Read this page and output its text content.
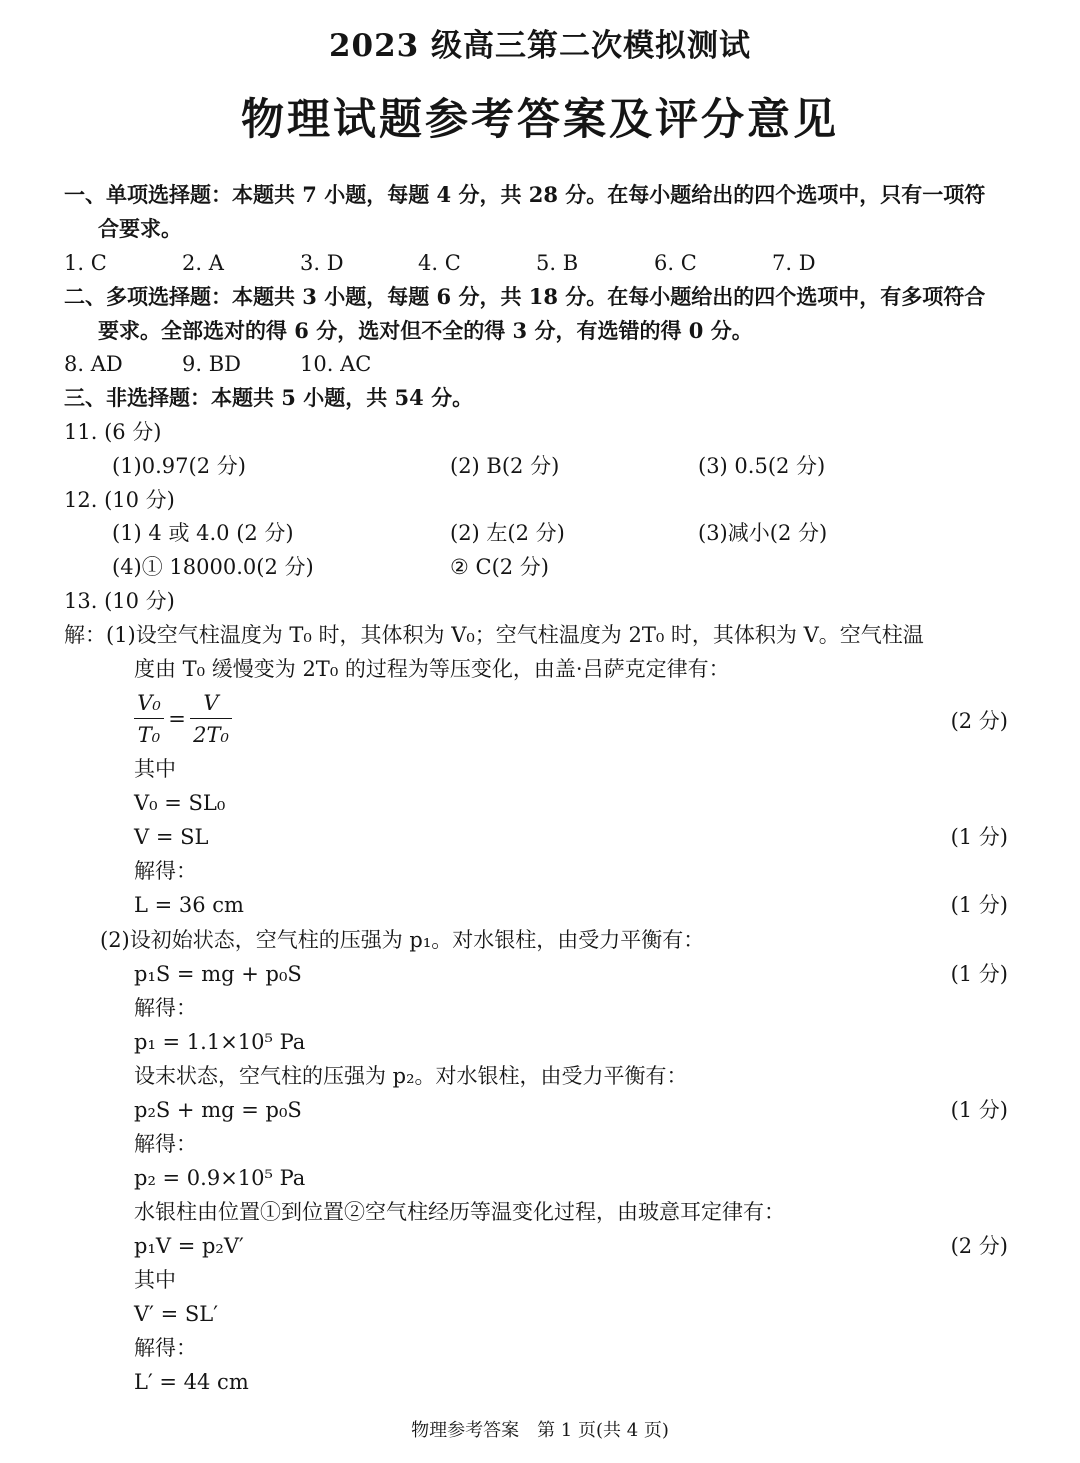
2023 级高三第二次模拟测试
物理试题参考答案及评分意见
一、单项选择题：本题共 7 小题，每题 4 分，共 28 分。在每小题给出的四个选项中，只有一项符
合要求。
1. C	2. A	3. D	4. C	5. B	6. C	7. D
二、多项选择题：本题共 3 小题，每题 6 分，共 18 分。在每小题给出的四个选项中，有多项符合
要求。全部选对的得 6 分，选对但不全的得 3 分，有选错的得 0 分。
8. AD	9. BD	10. AC
三、非选择题：本题共 5 小题，共 54 分。
11. (6 分)
(1)0.97(2 分)	(2) B(2 分)	(3) 0.5(2 分)
12. (10 分)
(1) 4 或 4.0 (2 分)	(2) 左(2 分)	(3)减小(2 分)
(4)① 18000.0(2 分)	② C(2 分)
13. (10 分)
解：(1)设空气柱温度为 T₀ 时，其体积为 V₀；空气柱温度为 2T₀ 时，其体积为 V。空气柱温
度由 T₀ 缓慢变为 2T₀ 的过程为等压变化，由盖·吕萨克定律有：
V₀
T₀
=
V
2T₀
(2 分)
其中
V₀ = SL₀
V = SL	(1 分)
解得：
L = 36 cm	(1 分)
(2)设初始状态，空气柱的压强为 p₁。对水银柱，由受力平衡有：
p₁S = mg + p₀S	(1 分)
解得：
p₁ = 1.1×10⁵ Pa
设末状态，空气柱的压强为 p₂。对水银柱，由受力平衡有：
p₂S + mg = p₀S	(1 分)
解得：
p₂ = 0.9×10⁵ Pa
水银柱由位置①到位置②空气柱经历等温变化过程，由玻意耳定律有：
p₁V = p₂V′	(2 分)
其中
V′ = SL′
解得：
L′ = 44 cm
物理参考答案　第 1 页(共 4 页)
